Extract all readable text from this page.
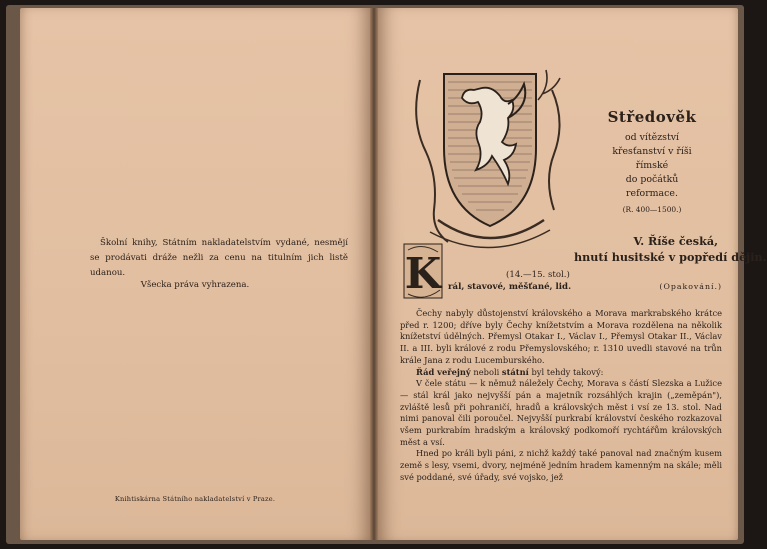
Školní knihy, Státním nakladatelstvím vydané, nesmějí se prodávati dráže nežli za cenu na titulním jich listě udanou.
Všecka práva vyhrazena.
Knihtiskárna Státního nakladatelství v Praze.
Středověk
od vítězství
křesťanství v říši
římské
do počátků
reformace.
(R. 400—1500.)
V. Říše česká,
hnutí husitské v popředí dějin.
K	(14.—15. stol.)
rál, stavové, měšťané, lid.	(Opakování.)

Čechy nabyly důstojenství královského a Morava markrabského krátce před r. 1200; dříve byly Čechy knížetstvím a Morava rozdělena na několik knížetství údělných. Přemysl Otakar I., Václav I., Přemysl Otakar II., Václav II. a III. byli králové z rodu Přemyslovského; r. 1310 uvedli stavové na trůn krále Jana z rodu Lucemburského.

Řád veřejný neboli státní byl tehdy takový:

V čele státu — k němuž náležely Čechy, Morava s částí Slezska a Lužice — stál král jako nejvyšší pán a majetník rozsáhlých krajin („zeměpán"), zvláště lesů při pohraničí, hradů a královských měst i vsí ze 13. stol. Nad nimi panoval čili poroučel. Nejvyšší purkrabí království českého rozkazoval všem purkrabím hradským a královský podkomoří rychtářům královských měst a vsí.

Hned po králi byli páni, z nichž každý také panoval nad značným kusem země s lesy, vsemi, dvory, nejméně jedním hradem kamenným na skále; měli své poddané, své úřady, své vojsko, jež
